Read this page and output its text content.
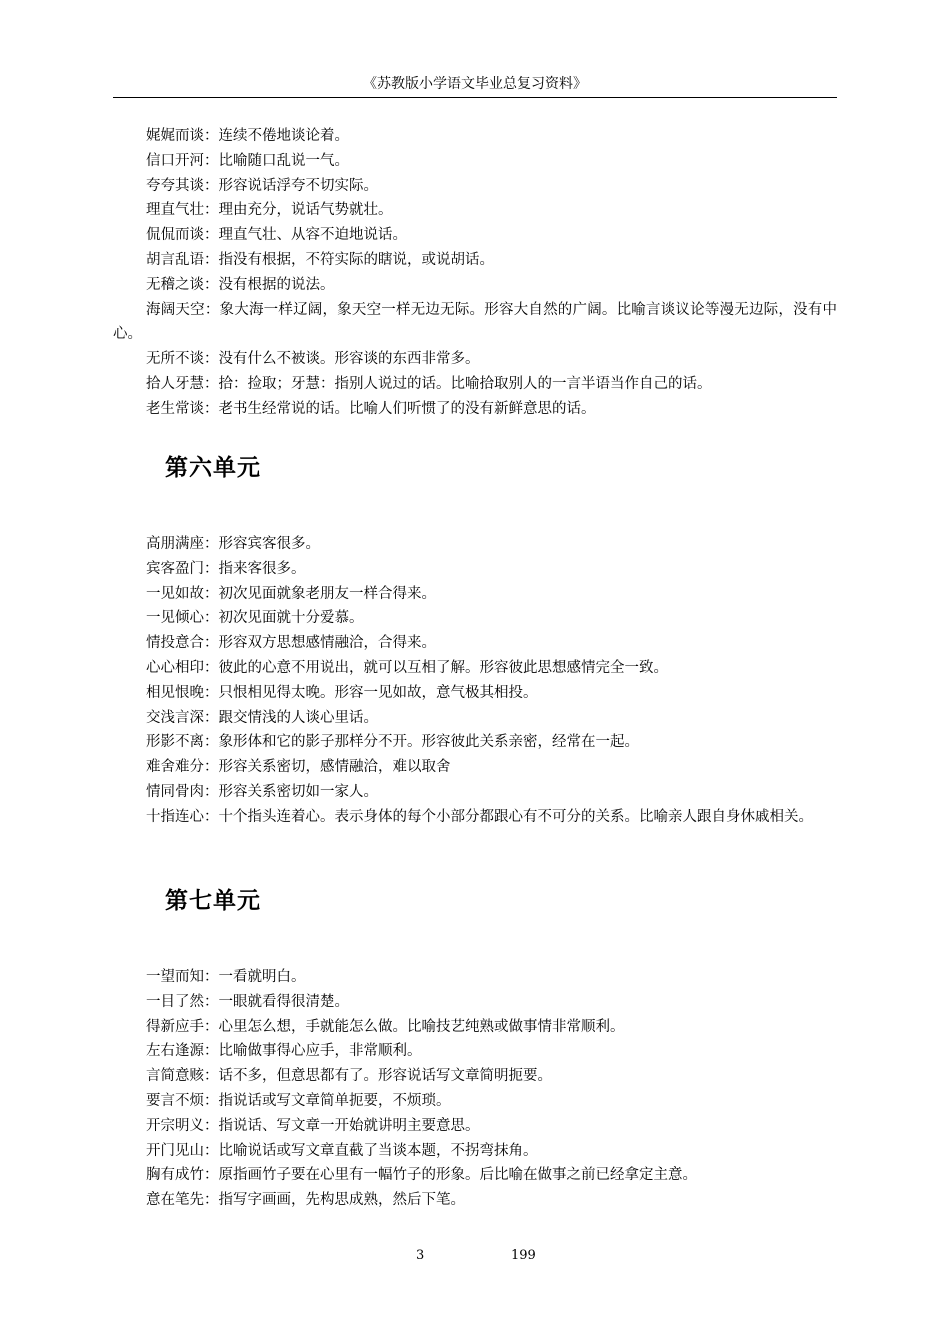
《苏教版小学语文毕业总复习资料》

娓娓而谈：连续不倦地谈论着。

信口开河：比喻随口乱说一气。

夸夸其谈：形容说话浮夸不切实际。

理直气壮：理由充分，说话气势就壮。

侃侃而谈：理直气壮、从容不迫地说话。

胡言乱语：指没有根据，不符实际的瞎说，或说胡话。

无稽之谈：没有根据的说法。

海阔天空：象大海一样辽阔，象天空一样无边无际。形容大自然的广阔。比喻言谈议论等漫无边际，没有中心。

无所不谈：没有什么不被谈。形容谈的东西非常多。

拾人牙慧：拾：捡取；牙慧：指别人说过的话。比喻拾取别人的一言半语当作自己的话。

老生常谈：老书生经常说的话。比喻人们听惯了的没有新鲜意思的话。

第六单元

高朋满座：形容宾客很多。

宾客盈门：指来客很多。

一见如故：初次见面就象老朋友一样合得来。

一见倾心：初次见面就十分爱慕。

情投意合：形容双方思想感情融洽，合得来。

心心相印：彼此的心意不用说出，就可以互相了解。形容彼此思想感情完全一致。

相见恨晚：只恨相见得太晚。形容一见如故，意气极其相投。

交浅言深：跟交情浅的人谈心里话。

形影不离：象形体和它的影子那样分不开。形容彼此关系亲密，经常在一起。

难舍难分：形容关系密切，感情融洽，难以取舍

情同骨肉：形容关系密切如一家人。

十指连心：十个指头连着心。表示身体的每个小部分都跟心有不可分的关系。比喻亲人跟自身休戚相关。

第七单元

一望而知：一看就明白。

一目了然：一眼就看得很清楚。

得新应手：心里怎么想，手就能怎么做。比喻技艺纯熟或做事情非常顺利。

左右逢源：比喻做事得心应手，非常顺利。

言简意赅：话不多，但意思都有了。形容说话写文章简明扼要。

要言不烦：指说话或写文章简单扼要，不烦琐。

开宗明义：指说话、写文章一开始就讲明主要意思。

开门见山：比喻说话或写文章直截了当谈本题，不拐弯抹角。

胸有成竹：原指画竹子要在心里有一幅竹子的形象。后比喻在做事之前已经拿定主意。

意在笔先：指写字画画，先构思成熟，然后下笔。

3	199
